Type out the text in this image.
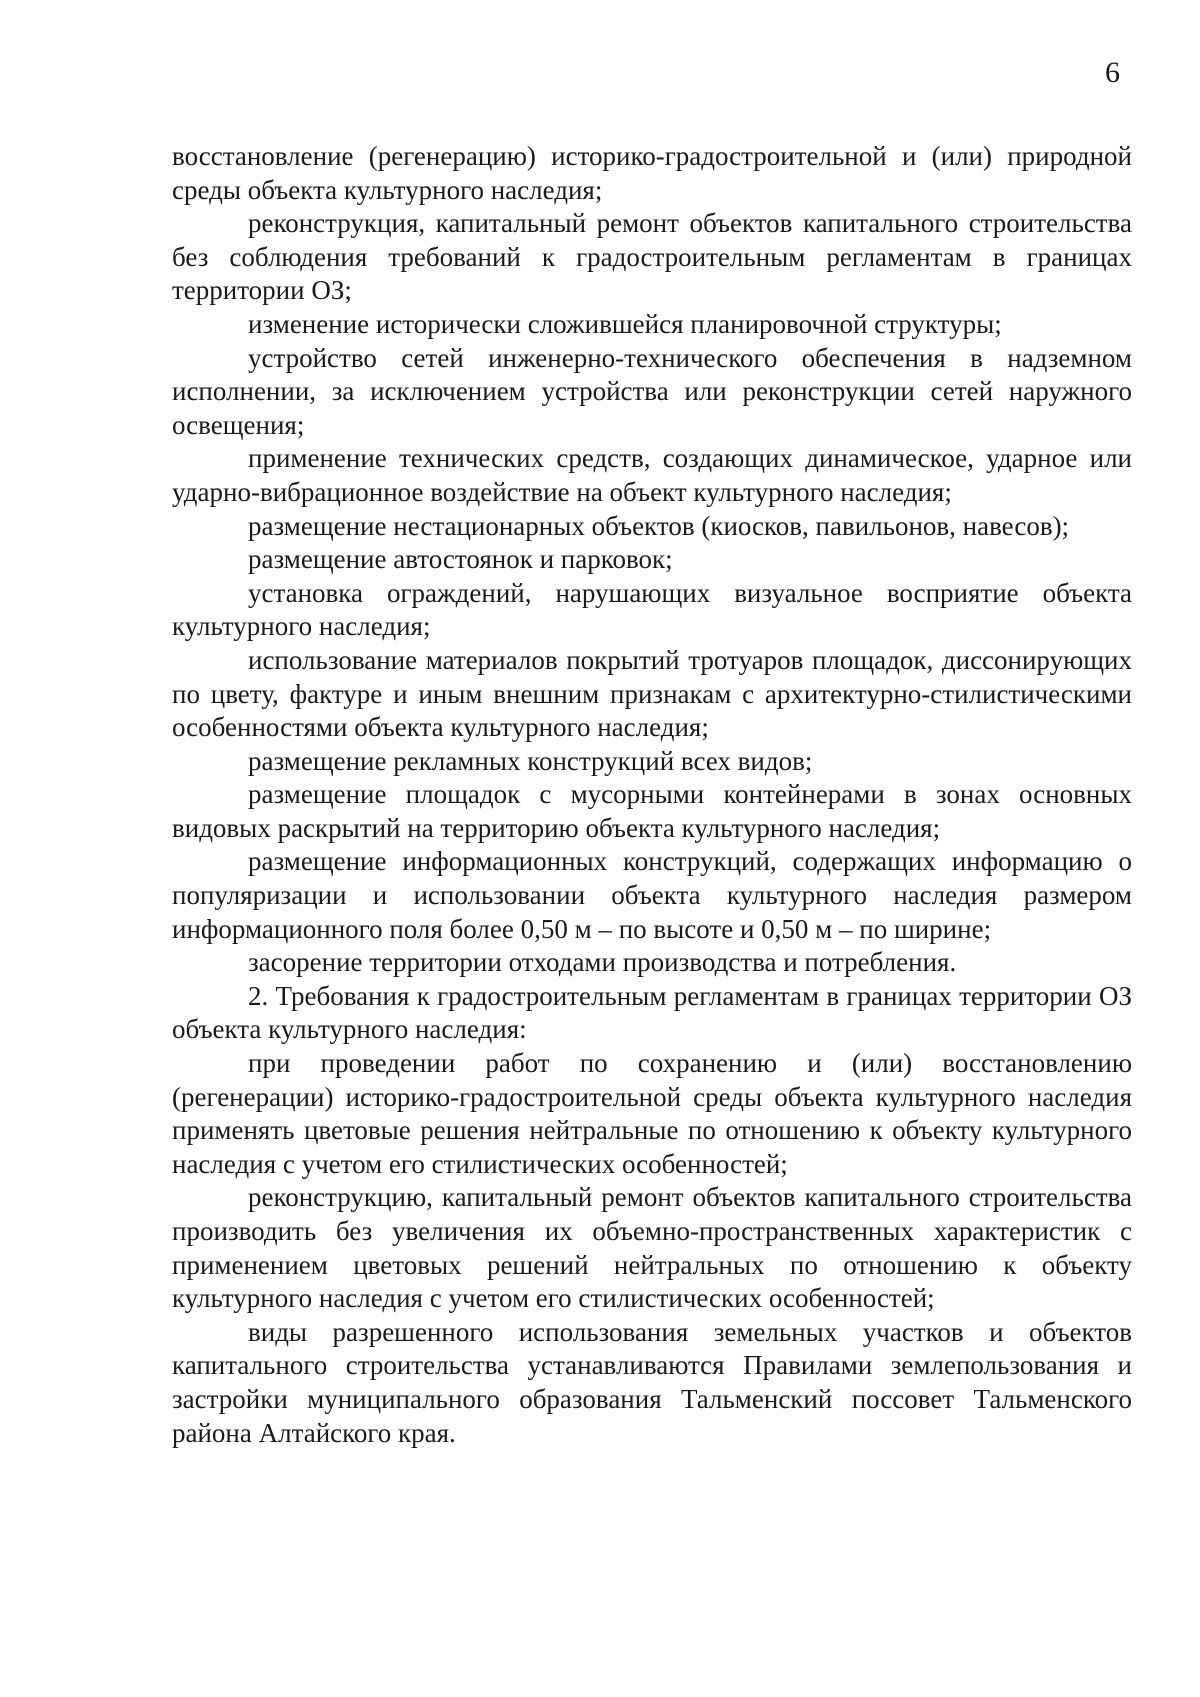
6

восстановление (регенерацию) историко-градостроительной и (или) природной среды объекта культурного наследия;

реконструкция, капитальный ремонт объектов капитального строительства без соблюдения требований к градостроительным регламентам в границах территории ОЗ;

изменение исторически сложившейся планировочной структуры;

устройство сетей инженерно-технического обеспечения в надземном исполнении, за исключением устройства или реконструкции сетей наружного освещения;

применение технических средств, создающих динамическое, ударное или ударно-вибрационное воздействие на объект культурного наследия;

размещение нестационарных объектов (киосков, павильонов, навесов);

размещение автостоянок и парковок;

установка ограждений, нарушающих визуальное восприятие объекта культурного наследия;

использование материалов покрытий тротуаров площадок, диссонирующих по цвету, фактуре и иным внешним признакам с архитектурно-стилистическими особенностями объекта культурного наследия;

размещение рекламных конструкций всех видов;

размещение площадок с мусорными контейнерами в зонах основных видовых раскрытий на территорию объекта культурного наследия;

размещение информационных конструкций, содержащих информацию о популяризации и использовании объекта культурного наследия размером информационного поля более 0,50 м – по высоте и 0,50 м – по ширине;

засорение территории отходами производства и потребления.

2. Требования к градостроительным регламентам в границах территории ОЗ объекта культурного наследия:

при проведении работ по сохранению и (или) восстановлению (регенерации) историко-градостроительной среды объекта культурного наследия применять цветовые решения нейтральные по отношению к объекту культурного наследия с учетом его стилистических особенностей;

реконструкцию, капитальный ремонт объектов капитального строительства производить без увеличения их объемно-пространственных характеристик с применением цветовых решений нейтральных по отношению к объекту культурного наследия с учетом его стилистических особенностей;

виды разрешенного использования земельных участков и объектов капитального строительства устанавливаются Правилами землепользования и застройки муниципального образования Тальменский поссовет Тальменского района Алтайского края.
